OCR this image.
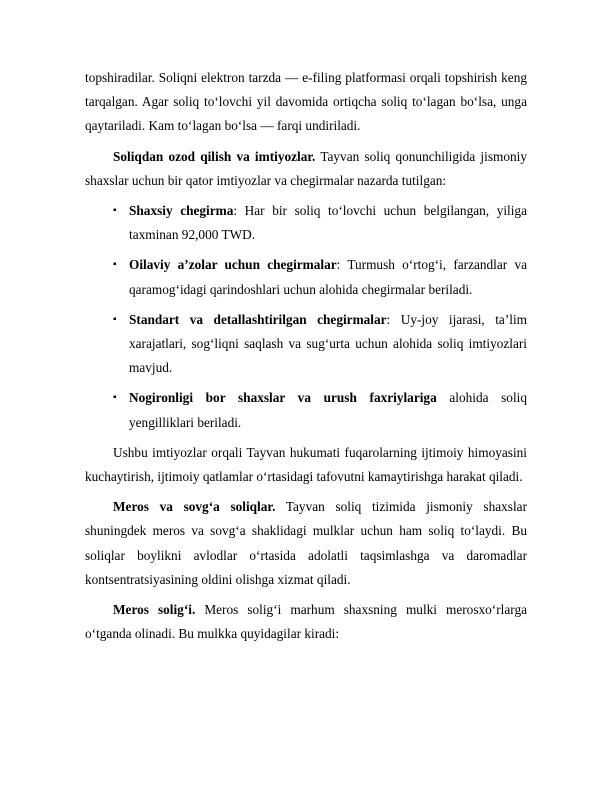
topshiradilar. Soliqni elektron tarzda — e-filing platformasi orqali topshirish keng tarqalgan. Agar soliq to‘lovchi yil davomida ortiqcha soliq to‘lagan bo‘lsa, unga qaytariladi. Kam to‘lagan bo‘lsa — farqi undiriladi.

Soliqdan ozod qilish va imtiyozlar. Tayvan soliq qonunchiligida jismoniy shaxslar uchun bir qator imtiyozlar va chegirmalar nazarda tutilgan:

▪ Shaxsiy chegirma: Har bir soliq to‘lovchi uchun belgilangan, yiliga taxminan 92,000 TWD.
▪ Oilaviy a’zolar uchun chegirmalar: Turmush o‘rtog‘i, farzandlar va qaramog‘idagi qarindoshlari uchun alohida chegirmalar beriladi.
▪ Standart va detallashtirilgan chegirmalar: Uy-joy ijarasi, ta’lim xarajatlari, sog‘liqni saqlash va sug‘urta uchun alohida soliq imtiyozlari mavjud.
▪ Nogironligi bor shaxslar va urush faxriylariga alohida soliq yengilliklari beriladi.

Ushbu imtiyozlar orqali Tayvan hukumati fuqarolarning ijtimoiy himoyasini kuchaytirish, ijtimoiy qatlamlar o‘rtasidagi tafovutni kamaytirishga harakat qiladi.

Meros va sovg‘a soliqlar. Tayvan soliq tizimida jismoniy shaxslar shuningdek meros va sovg‘a shaklidagi mulklar uchun ham soliq to‘laydi. Bu soliqlar boylikni avlodlar o‘rtasida adolatli taqsimlashga va daromadlar kontsentratsiyasining oldini olishga xizmat qiladi.

Meros solig‘i. Meros solig‘i marhum shaxsning mulki merosxo‘rlarga o‘tganda olinadi. Bu mulkka quyidagilar kiradi:
